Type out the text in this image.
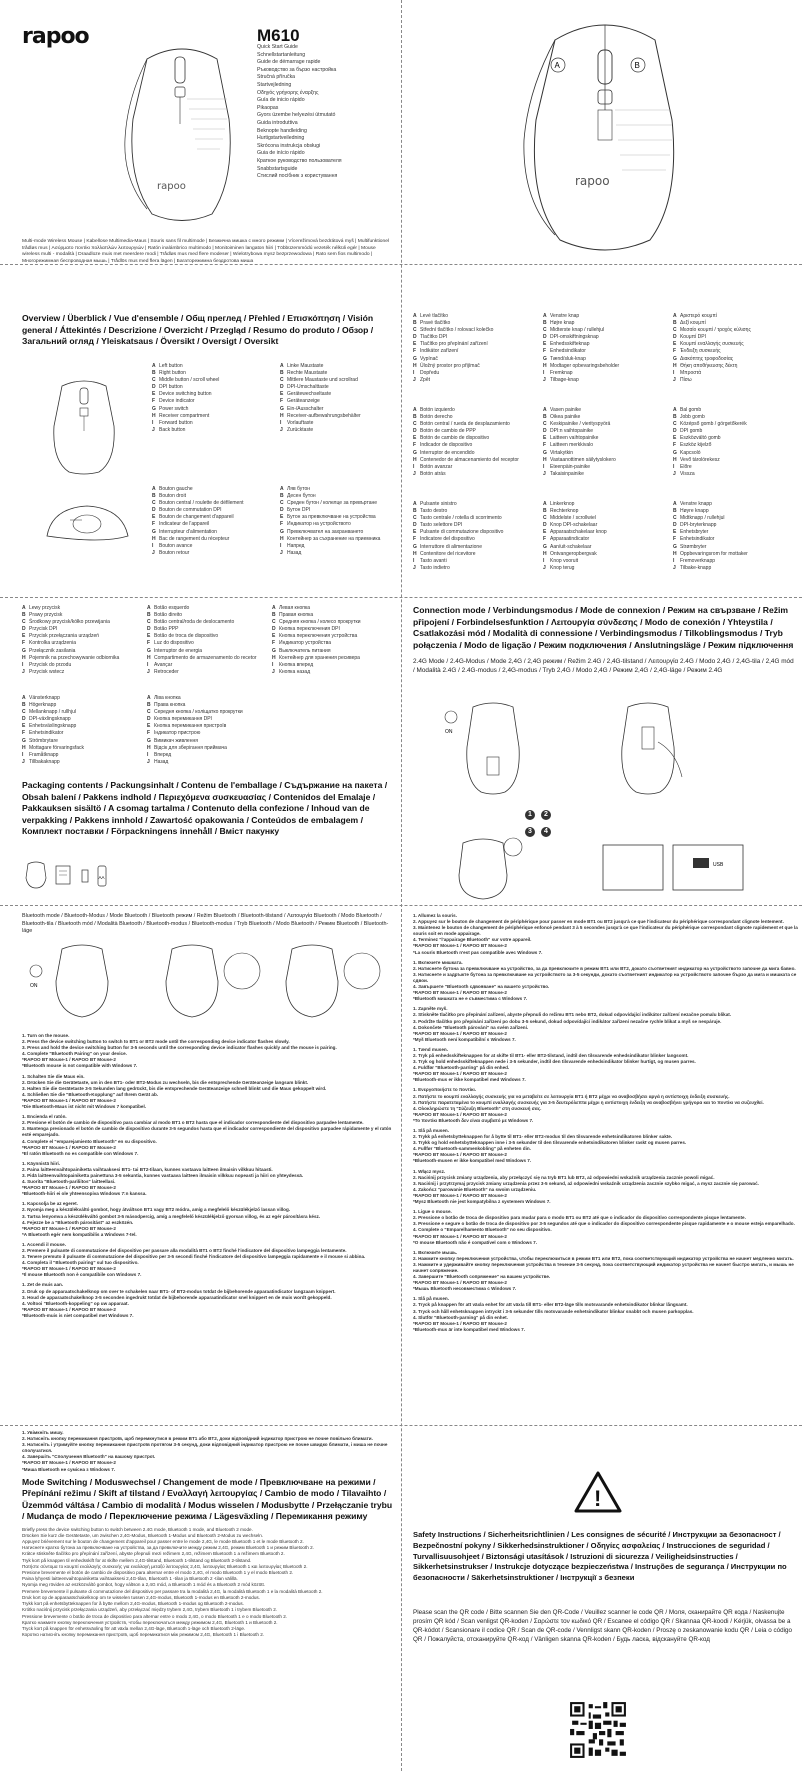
rapoo	M610
rapoo
Quick Start Guide
Schnellstartanleitung
Guide de démarrage rapide
Ръководство за бързо настройка
Stručná příručka
Startvejledning
Οδηγός γρήγορης έναρξης
Guía de inicio rápido
Pikaopas
Gyors üzembe helyezési útmutató
Guida introduttiva
Beknopte handleiding
Hurtigstartveiledning
Skrócona instrukcja obsługi
Guia de início rápido
Краткое руководство пользователя
Snabbstartsguide
Стислий посібник з користування
Multi-mode Wireless Mouse | Kabellose Multimedia-Maus | Souris sans fil multimode | Безжична мишка с много режими | Vícerežimová bezdrátová myš | Multifunktionel trådløs mus | Ασύρματο ποντίκι πολλαπλών λειτουργιών | Ratón inalámbrico multimodo | Monitoiminen langaton hiiri | Többüzemmódú vezeték nélküli egér | Mouse wireless multi - modalità | Draadloze muis met meerdere modi | Trådløs mus med flere modeser | Wielotrybowa mysz bezprzewodowa | Rato sem fios multimodo | Многорежимная беспроводная мышь | Trådlös mus med flera lägen | Багаторежимна бездротова миша
A	B
rapoo
Overview / Überblick / Vue d'ensemble / Общ преглед / Přehled / Επισκόπηση / Visión general / Áttekintés / Descrizione / Overzicht / Przegląd / Resumo do produto / Обзор / Загальний огляд / Yleiskatsaus / Översikt / Oversigt / Oversikt
A Left button
B Right button
C Middle button / scroll wheel
D DPI button
E Device switching button
F Device indicator
G Power switch
H Receiver compartment
I Forward button
J Back button
A Linke Maustaste
B Rechte Maustaste
C Mittlere Maustaste und scrollrad
D DPI-Umschalttaste
E Gerätewechseltaste
F Geräteanzeige
G Ein-/Ausschalter
H Receiver-aufbewahrungsbehälter
I Vorlauftaste
J Zurücktaste
A Bouton gauche
B Bouton droit
C Bouton central / roulette de défilement
D Bouton de commutation DPI
E Bouton de changement d'appareil
F Indicateur de l'appareil
G Interrupteur d'alimentation
H Bac de rangement du récepteur
I Bouton avance
J Bouton retour
A Ляв бутон
B Десен бутон
C Среден бутон / колелце за превъртане
D Бутон DPI
E Бутон за превключване на устройства
F Индикатор на устройството
G Превключвател на захранването
H Контейнер за съхранение на приемника
I Напред
J Назад
A Levé tlačítko
B Pravé tlačítko
C Střední tlačítko / rolovací kolečko
D Tlačítko DPI
E Tlačítko pro přepínání zařízení
F Indikátor zařízení
G Vypínač
H Úložný prostor pro přijímač
I Dopředu
J Zpět
A Venstre knap
B Højre knap
C Midterste knap / rullehjul
D DPI-omskiftningsknap
E Enhedsskifteknap
F Enhedsindikator
G Tænd/sluk-knap
H Modtager opbevaringsbeholder
I Fremknap
J Tilbage-knap
A Αριστερό κουμπί
B Δεξί κουμπί
C Μεσαίο κουμπί / τροχός κύλισης
D Κουμπί DPI
E Κουμπί εναλλαγής συσκευής
F Ένδειξη συσκευής
G Διακόπτης τροφοδοσίας
H Θήκη αποθήκευσης δέκτη
I Μπροστά
J Πίσω
A Botón izquierdo
B Botón derecho
C Botón central / rueda de desplazamiento
D Botón de cambio de PPP
E Botón de cambio de dispositivo
F Indicador de dispositivo
G Interruptor de encendido
H Contenedor de almacenamiento del receptor
I Botón avanzar
J Botón atrás
A Vasen painike
B Oikea painike
C Keskipainike / vierityspyörä
D DPI:n vaihtopainike
E Laitteen vaihtopainike
F Laitteen merkkivalo
G Virtakytkin
H Vastaanottimen säilytyslokero
I Eteenpäin-painike
J Takaisinpainike
A Bal gomb
B Jobb gomb
C Középső gomb / görgetőkerék
D DPI gomb
E Eszközváltó gomb
F Eszköz kijelző
G Kapcsoló
H Vevő tárolórekesz
I Előre
J Vissza
A Pulsante sinistro
B Tasto destro
C Tasto centrale / rotella di scorrimento
D Tasto selettore DPI
E Pulsante di commutazione dispositivo
F Indicatore del dispositivo
G Interruttore di alimentazione
H Contenitore del ricevitore
I Tasto avanti
J Tasto indietro
A Linkerknop
B Rechterknop
C Middelste / scrollwiel
D Knop DPI-schakelaar
E Apparaatschakelaar knop
F Apparaatindicator
G Aan/uit-schakelaar
H Ontvangeropbergvak
I Knop vooruit
J Knop terug
A Venstre knapp
B Høyre knapp
C Midtknapp / rullehjul
D DPI-bryterknapp
E Enhetsbryter
F Enhetsindikator
G Strømbryter
H Oppbevaringsrom for mottaker
I Fremoverknapp
J Tilbake-knapp
A Lewy przycisk
B Prawy przycisk
C Środkowy przycisk/kółko przewijania
D Przycisk DPI
E Przycisk przełączania urządzeń
F Kontrolka urządzenia
G Przełącznik zasilania
H Pojemnik na przechowywanie odbiornika
I Przycisk do przodu
J Przycisk wstecz
A Botão esquerdo
B Botão direito
C Botão central/roda de deslocamento
D Botão PPP
E Botão de troca de dispositivo
F Luz do dispositivo
G Interruptor de energia
H Compartimento de armazenamento do recetor
I Avançar
J Retroceder
A Левая кнопка
B Правая кнопка
C Средняя кнопка / колесо прокрутки
D Кнопка переключения DPI
E Кнопка переключения устройства
F Индикатор устройства
G Выключатель питания
H Контейнер для хранения ресивера
I Кнопка вперед
J Кнопка назад
A Vänsterknapp
B Högerknapp
C Mellanknapp / rullhjul
D DPI-växlingsknapp
E Enhetsväxlingsknapp
F Enhetsindikator
G Strömbrytare
H Mottagare förvaringsfack
I Framåtknapp
J Tillbakaknapp
A Ліва кнопка
B Права кнопка
C Середня кнопка / коліщатко прокрутки
D Кнопка перемикання DPI
E Кнопка перемикання пристроїв
F Індикатор пристрою
G Вимикач живлення
H Відсік для зберігання приймача
I Вперед
J Назад
Packaging contents / Packungsinhalt / Contenu de l'emballage / Съдържание на пакета / Obsah balení / Pakkens indhold / Περιεχόμενα συσκευασίας / Contenidos del Emalaje / Pakkauksen sisältö / A csomag tartalma / Contenuto della confezione / Inhoud van de verpakking / Pakkens innhold / Zawartość opakowania / Conteúdos de embalagem / Комплект поставки / Förpackningens innehåll / Вміст пакунку
AA
Connection mode / Verbindungsmodus / Mode de connexion / Режим на свързване / Režim připojení / Forbindelsesfunktion / Λειτουργία σύνδεσης / Modo de conexión / Yhteystila / Csatlakozási mód / Modalità di connessione / Verbindingsmodus / Tilkoblingsmodus / Tryb połączenia / Modo de ligação / Режим подключения / Anslutningsläge / Режим підключення
2.4G Mode / 2.4G-Modus / Mode 2,4G / 2,4G режим / Režim 2.4G / 2,4G-tilstand / Λειτουργία 2.4G / Modo 2,4G / 2,4G-tila / 2,4G mód / Modalità 2.4G / 2.4G-modus / 2,4G-modus / Tryb 2,4G / Modo 2,4G / Режим 2,4G / 2,4G-läge / Режим 2.4G
ON
1	2
3	4
USB
Bluetooth mode / Bluetooth-Modus / Mode Bluetooth / Bluetooth режим / Režim Bluetooth / Bluetooth-tilstand / Λειτουργία Bluetooth / Modo Bluetooth / Bluetooth-tila / Bluetooth mód / Modalità Bluetooth / Bluetooth-modus / Bluetooth-modus / Tryb Bluetooth / Modo Bluetooth / Режим Bluetooth / Bluetooth-läge
ON
1. Turn on the mouse.
2. Press the device switching button to switch to BT1 or BT2 mode until the corresponding device indicator flashes slowly.
3. Press and hold the device switching button for 3-5 seconds until the corresponding device indicator flashes quickly and the mouse is pairing.
4. Complete "Bluetooth Pairing" on your device.
*RAPOO BT Mouse-1 / RAPOO BT Mouse-2
*Bluetooth mouse is not compatible with Windows 7.
1. Schalten Sie die Maus ein.
2. Drücken Sie die Gerätetaste, um in den BT1- oder BT2-Modus zu wechseln, bis die entsprechende Geräteanzeige langsam blinkt.
3. Halten Sie die Gerätetaste 3-5 Sekunden lang gedrückt, bis die entsprechende Geräteanzeige schnell blinkt und die Maus gekoppelt wird.
4. Schließen Sie die "Bluetooth-Kopplung" auf Ihrem Gerät ab.
*RAPOO BT Mouse-1 / RAPOO BT Mouse-2
*Die Bluetooth-Maus ist nicht mit Windows 7 kompatibel.
1. Encienda el ratón.
2. Presione el botón de cambio de dispositivo para cambiar al modo BT1 o BT2 hasta que el indicador correspondiente del dispositivo parpadee lentamente.
3. Mantenga presionado el botón de cambio de dispositivo durante 3-5 segundos hasta que el indicador correspondiente del dispositivo parpadee rápidamente y el ratón esté emparejado.
4. Complete el "emparejamiento Bluetooth" en su dispositivo.
*RAPOO BT Mouse-1 / RAPOO BT Mouse-2
*El ratón Bluetooth no es compatible con Windows 7.
1. Käynnistä hiiri.
2. Paina laitteenvaihtopainiketta vaihtaaksesi BT1- tai BT2-tilaan, kunnes vastaava laitteen ilmaisin vilkkuu hitaasti.
3. Pidä laitteenvaihtopainiketta painettuna 3-5 sekuntia, kunnes vastaava laitteen ilmaisin vilkkuu nopeasti ja hiiri on yhteydessä.
4. Suorita "Bluetooth-pariliitos" laitteellasi.
*RAPOO BT Mouse-1 / RAPOO BT Mouse-2
*Bluetooth-hiiri ei ole yhteensopiva Windows 7:n kanssa.
1. Kapcsolja be az egeret.
2. Nyomja meg a készülékváltó gombot, hogy átváltson BT1 vagy BT2 módra, amíg a megfelelő készülékjelző lassan villog.
3. Tartsa lenyomva a készülékváltó gombot 3-5 másodpercig, amíg a megfelelő készülékjelző gyorsan villog, és az egér párosításra kész.
4. Fejezze be a "Bluetooth párosítást" az eszközén.
*RAPOO BT Mouse-1 / RAPOO BT Mouse-2
*A Bluetooth egér nem kompatibilis a Windows 7-tel.
1. Accendi il mouse.
2. Premere il pulsante di commutazione del dispositivo per passare alla modalità BT1 o BT2 finché l'indicatore del dispositivo lampeggia lentamente.
3. Tenere premuto il pulsante di commutazione del dispositivo per 3-5 secondi finché l'indicatore del dispositivo lampeggia rapidamente e il mouse si abbina.
4. Completa il "Bluetooth pairing" sul tuo dispositivo.
*RAPOO BT Mouse-1 / RAPOO BT Mouse-2
*Il mouse Bluetooth non è compatibile con Windows 7.
1. Zet de muis aan.
2. Druk op de apparaatschakelknop om over te schakelen naar BT1- of BT2-modus totdat de bijbehorende apparaatindicator langzaam knippert.
3. Houd de apparaatschakelknop 3-5 seconden ingedrukt totdat de bijbehorende apparaatindicator snel knippert en de muis wordt gekoppeld.
4. Voltooi "Bluetooth-koppeling" op uw apparaat.
*RAPOO BT Mouse-1 / RAPOO BT Mouse-2
*Bluetooth-muis is niet compatibel met Windows 7.
1. Allumez la souris.
2. Appuyez sur le bouton de changement de périphérique pour passer en mode BT1 ou BT2 jusqu'à ce que l'indicateur du périphérique correspondant clignote lentement.
3. Maintenez le bouton de changement de périphérique enfoncé pendant 3 à 5 secondes jusqu'à ce que l'indicateur du périphérique correspondant clignote rapidement et que la souris soit en mode appairage.
4. Terminez "l'appairage Bluetooth" sur votre appareil.
*RAPOO BT Mouse-1 / RAPOO BT Mouse-2
*La souris Bluetooth n'est pas compatible avec Windows 7.
1. Включете мишката.
2. Натиснете бутона за превключване на устройство, за да превключите в режим BT1 или BT2, докато съответният индикатор на устройството започне да мига бавно.
3. Натиснете и задръжте бутона за превключване на устройството за 3-5 секунди, докато съответният индикатор на устройството започне бързо да мига и мишката се сдвои.
4. Завършете "Bluetooth сдвояване" на вашето устройство.
*RAPOO BT Mouse-1 / RAPOO BT Mouse-2
*Bluetooth мишката не е съвместима с Windows 7.
1. Zapněte myš.
2. Stiskněte tlačítko pro přepínání zařízení, abyste přepnuli do režimu BT1 nebo BT2, dokud odpovídající indikátor zařízení nezačne pomalu blikat.
3. Podržte tlačítko pro přepínání zařízení po dobu 3-5 sekund, dokud odpovídající indikátor zařízení nezačne rychle blikat a myš se nespáruje.
4. Dokončete "Bluetooth párování" na svém zařízení.
*RAPOO BT Mouse-1 / RAPOO BT Mouse-2
*Myš Bluetooth není kompatibilní s Windows 7.
1. Tænd musen.
2. Tryk på enhedsskifteknappen for at skifte til BT1- eller BT2-tilstand, indtil den tilsvarende enhedsindikator blinker langsomt.
3. Tryk og hold enhedsskifteknappen nede i 3-5 sekunder, indtil den tilsvarende enhedsindikator blinker hurtigt, og musen parres.
4. Fuldfør "Bluetooth-parring" på din enhed.
*RAPOO BT Mouse-1 / RAPOO BT Mouse-2
*Bluetooth-mus er ikke kompatibel med Windows 7.
1. Ενεργοποιήστε το ποντίκι.
2. Πατήστε το κουμπί εναλλαγής συσκευής για να μεταβείτε σε λειτουργία BT1 ή BT2 μέχρι να αναβοσβήσει αργά η αντίστοιχη ένδειξη συσκευής.
3. Πατήστε παρατεταμένα το κουμπί εναλλαγής συσκευής για 3-5 δευτερόλεπτα μέχρι η αντίστοιχη ένδειξη να αναβοσβήνει γρήγορα και το ποντίκι να συζευχθεί.
4. Ολοκληρώστε τη "Σύζευξη Bluetooth" στη συσκευή σας.
*RAPOO BT Mouse-1 / RAPOO BT Mouse-2
*Το ποντίκι Bluetooth δεν είναι συμβατό με Windows 7.
1. Slå på musen.
2. Trykk på enhetsbytteknappen for å bytte til BT1- eller BT2-modus til den tilsvarende enhetsindikatoren blinker sakte.
3. Trykk og hold enhetsbytteknappen inne i 3-5 sekunder til den tilsvarende enhetsindikatoren blinker raskt og musen parres.
4. Fullfør "Bluetooth-sammenkobling" på enheten din.
*RAPOO BT Mouse-1 / RAPOO BT Mouse-2
*Bluetooth-musen er ikke kompatibel med Windows 7.
1. Włącz mysz.
2. Naciśnij przycisk zmiany urządzenia, aby przełączyć się na tryb BT1 lub BT2, aż odpowiedni wskaźnik urządzenia zacznie powoli migać.
3. Naciśnij i przytrzymaj przycisk zmiany urządzenia przez 3-5 sekund, aż odpowiedni wskaźnik urządzenia zacznie szybko migać, a mysz zacznie się parować.
4. Zakończ "parowanie Bluetooth" na swoim urządzeniu.
*RAPOO BT Mouse-1 / RAPOO BT Mouse-2
*Mysz Bluetooth nie jest kompatybilna z systemem Windows 7.
1. Ligue o mouse.
2. Pressione o botão de troca de dispositivo para mudar para o modo BT1 ou BT2 até que o indicador do dispositivo correspondente pisque lentamente.
3. Pressione e segure o botão de troca de dispositivo por 3-5 segundos até que o indicador do dispositivo correspondente pisque rapidamente e o mouse esteja emparelhado.
4. Complete o "Emparelhamento Bluetooth" no seu dispositivo.
*RAPOO BT Mouse-1 / RAPOO BT Mouse-2
*O mouse Bluetooth não é compatível com o Windows 7.
1. Включите мышь.
2. Нажмите кнопку переключения устройства, чтобы переключиться в режим BT1 или BT2, пока соответствующий индикатор устройства не начнет медленно мигать.
3. Нажмите и удерживайте кнопку переключения устройства в течение 3-5 секунд, пока соответствующий индикатор устройства не начнет быстро мигать, и мышь не начнет сопряжение.
4. Завершите "Bluetooth сопряжение" на вашем устройстве.
*RAPOO BT Mouse-1 / RAPOO BT Mouse-2
*Мышь Bluetooth несовместима с Windows 7.
1. Slå på musen.
2. Tryck på knappen för att växla enhet för att växla till BT1- eller BT2-läge tills motsvarande enhetsindikator blinkar långsamt.
3. Tryck och håll enhetsknappen intryckt i 3-5 sekunder tills motsvarande enhetsindikator blinkar snabbt och musen parkopplas.
4. Slutför "Bluetooth-parning" på din enhet.
*RAPOO BT Mouse-1 / RAPOO BT Mouse-2
*Bluetooth-mus är inte kompatibel med Windows 7.
1. Увімкніть мишу.
2. Натисніть кнопку перемикання пристроїв, щоб перемкнутися в режим BT1 або BT2, доки відповідний індикатор пристрою не почне повільно блимати.
3. Натисніть і утримуйте кнопку перемикання пристроїв протягом 3-5 секунд, доки відповідний індикатор пристрою не почне швидко блимати, і миша не почне сполучатися.
4. Завершіть "Сполучення Bluetooth" на вашому пристрої.
*RAPOO BT Mouse-1 / RAPOO BT Mouse-2
*Миша Bluetooth не сумісна з Windows 7.
Mode Switching / Moduswechsel / Changement de mode / Превключване на режими / Přepínání režimu / Skift af tilstand / Εναλλαγή λειτουργίας / Cambio de modo / Tilavaihto / Üzemmód váltása / Cambio di modalità / Modus wisselen / Modusbytte / Przełączanie trybu / Mudança de modo / Переключение режима / Lägesväxling / Перемикання режиму
Briefly press the device switching button to switch between 2.4G mode, Bluetooth 1 mode, and Bluetooth 2 mode.
Drücken Sie kurz die Gerätetaste, um zwischen 2,4G-Modus, Bluetooth 1-Modus und Bluetooth 2-Modus zu wechseln.
Appuyez brièvement sur le bouton de changement d'appareil pour passer entre le mode 2,4G, le mode Bluetooth 1 et le mode Bluetooth 2.
Натиснете кратко бутона за превключване на устройства, за да превключите между режим 2,4G, режим Bluetooth 1 и режим Bluetooth 2.
Krátce stiskněte tlačítko pro přepínání zařízení, abyste přepnuli mezi režimem 2,4G, režimem Bluetooth 1 a režimem Bluetooth 2.
Tryk kort på knappen til enhedsskift for at skifte mellem 2,4G-tilstand, Bluetooth 1-tilstand og Bluetooth 2-tilstand.
Πατήστε σύντομα το κουμπί εναλλαγής συσκευής για εναλλαγή μεταξύ λειτουργίας 2,4G, λειτουργίας Bluetooth 1 και λειτουργίας Bluetooth 2.
Presione brevemente el botón de cambio de dispositivo para alternar entre el modo 2,4G, el modo Bluetooth 1 y el modo Bluetooth 2.
Paina lyhyesti laitteenvaihtopainiketta vaihtaaksesi 2,4G-tilan, Bluetooth 1 -tilan ja Bluetooth 2 -tilan välillä.
Nyomja meg röviden az eszközváltó gombot, hogy váltson a 2,4G mód, a Bluetooth 1 mód és a Bluetooth 2 mód között.
Premere brevemente il pulsante di commutazione del dispositivo per passare tra la modalità 2,4G, la modalità Bluetooth 1 e la modalità Bluetooth 2.
Druk kort op de apparaatschakelknop om te wisselen tussen 2,4G-modus, Bluetooth 1-modus en Bluetooth 2-modus.
Trykk kort på enhetsbytteknappen for å bytte mellom 2,4G-modus, Bluetooth 1-modus og Bluetooth 2-modus.
Krótko naciśnij przycisk przełączania urządzeń, aby przełączać między trybem 2,4G, trybem Bluetooth 1 i trybem Bluetooth 2.
Pressione brevemente o botão de troca de dispositivo para alternar entre o modo 2,4G, o modo Bluetooth 1 e o modo Bluetooth 2.
Кратко нажмите кнопку переключения устройств, чтобы переключаться между режимом 2,4G, Bluetooth 1 и Bluetooth 2.
Tryck kort på knappen för enhetsväxling för att växla mellan 2,4G-läge, Bluetooth 1-läge och Bluetooth 2-läge.
Коротко натисніть кнопку перемикання пристроїв, щоб перемикатися між режимом 2,4G, Bluetooth 1 і Bluetooth 2.
!
Safety Instructions / Sicherheitsrichtlinien / Les consignes de sécurité / Инструкции за безопасност / Bezpečnostní pokyny / Sikkerhedsinstruktioner / Οδηγίες ασφαλείας / Instrucciones de seguridad / Turvallisuusohjeet / Biztonsági utasítások / Istruzioni di sicurezza / Veiligheidsinstructies / Sikkerhetsinstrukser / Instrukcje dotyczące bezpieczeństwa / Instruções de segurança / Инструкции по безопасности / Säkerhetsinstruktioner / Інструкції з безпеки
Please scan the QR code / Bitte scannen Sie den QR-Code / Veuillez scanner le code QR / Моля, сканирайте QR кода / Naskenujte prosím QR kód / Scan venligst QR-koden / Σαρώστε τον κωδικό QR / Escanee el código QR / Skannaa QR-koodi / Kérjük, olvassa be a QR-kódot / Scansionare il codice QR / Scan de QR-code / Vennligst skann QR-koden / Proszę o zeskanowanie kodu QR / Leia o código QR / Пожалуйста, отсканируйте QR-код / Vänligen skanna QR-koden / Будь ласка, відскануйте QR-код
